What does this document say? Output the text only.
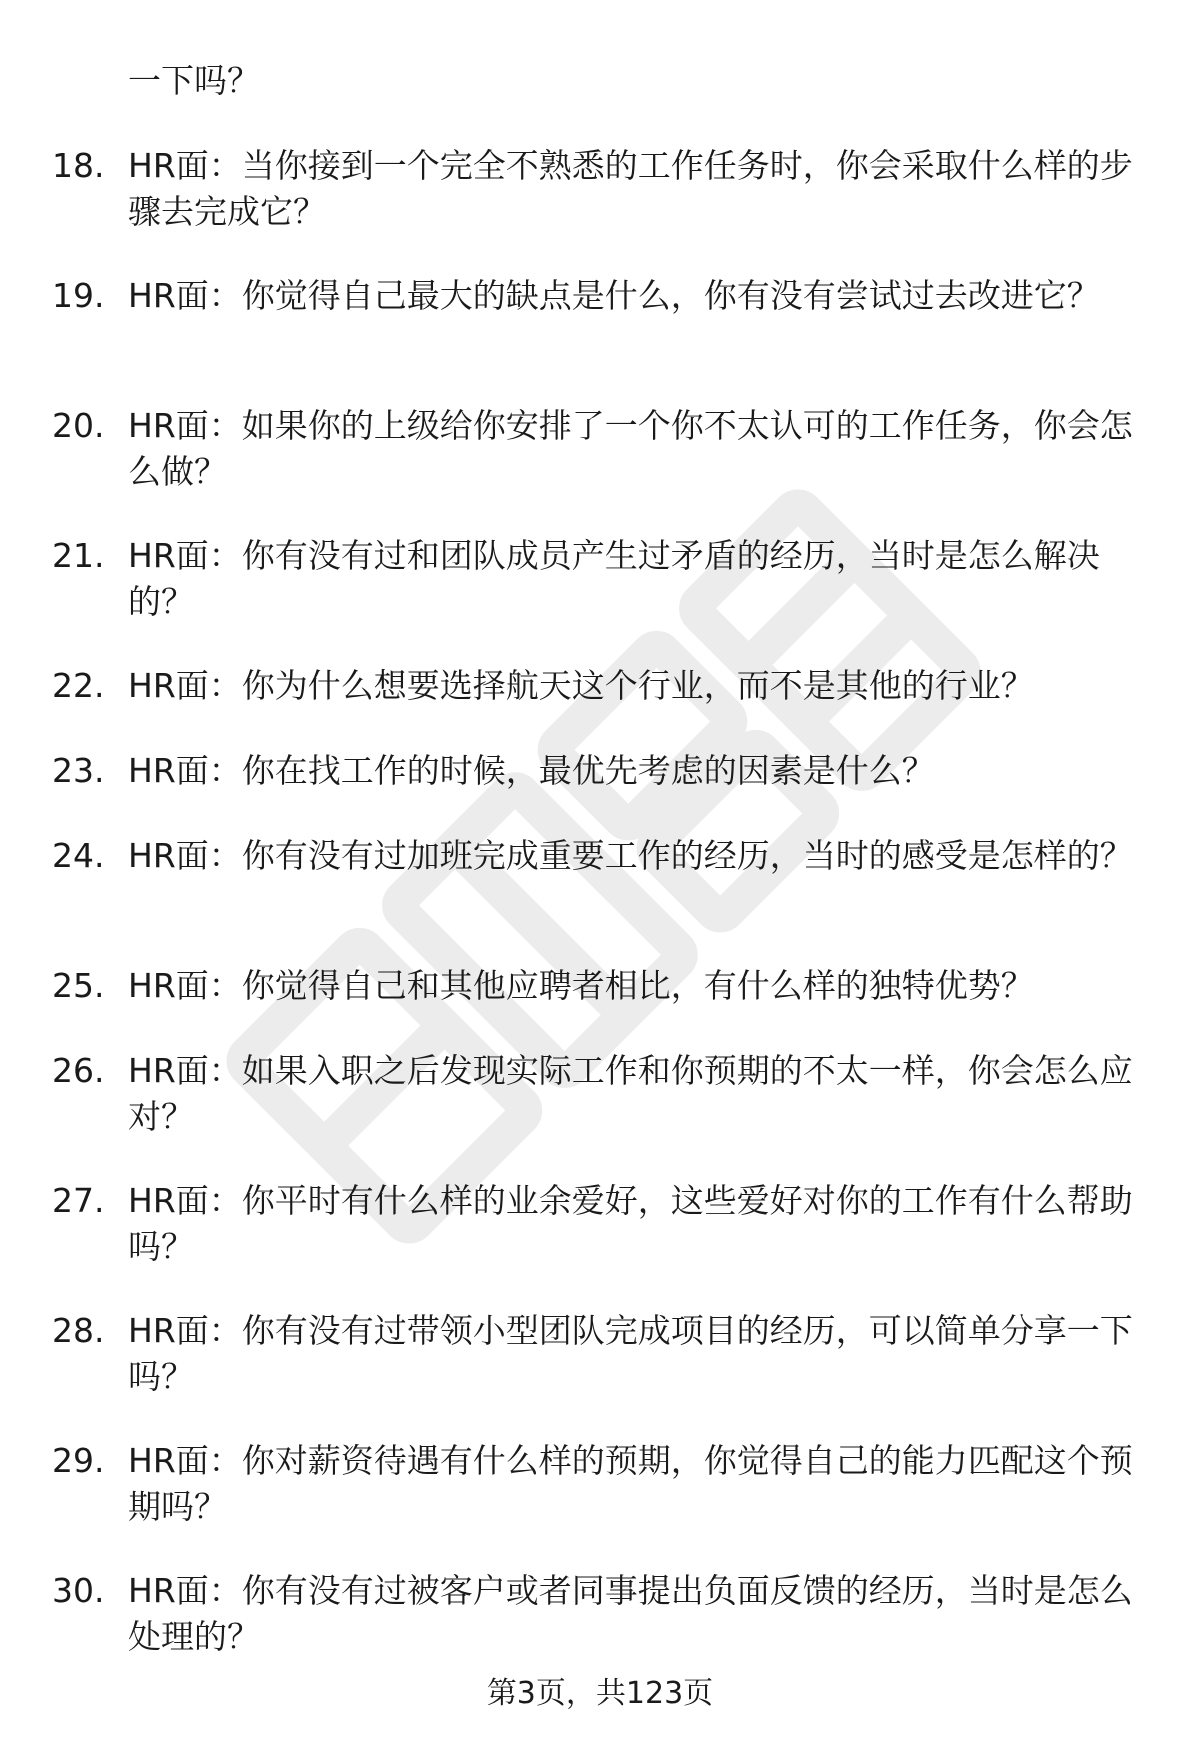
一下吗？

18. HR面：当你接到一个完全不熟悉的工作任务时，你会采取什么样的步骤去完成它？
19. HR面：你觉得自己最大的缺点是什么，你有没有尝试过去改进它？
20. HR面：如果你的上级给你安排了一个你不太认可的工作任务，你会怎么做？
21. HR面：你有没有过和团队成员产生过矛盾的经历，当时是怎么解决的？
22. HR面：你为什么想要选择航天这个行业，而不是其他的行业？
23. HR面：你在找工作的时候，最优先考虑的因素是什么？
24. HR面：你有没有过加班完成重要工作的经历，当时的感受是怎样的？
25. HR面：你觉得自己和其他应聘者相比，有什么样的独特优势？
26. HR面：如果入职之后发现实际工作和你预期的不太一样，你会怎么应对？
27. HR面：你平时有什么样的业余爱好，这些爱好对你的工作有什么帮助吗？
28. HR面：你有没有过带领小型团队完成项目的经历，可以简单分享一下吗？
29. HR面：你对薪资待遇有什么样的预期，你觉得自己的能力匹配这个预期吗？
30. HR面：你有没有过被客户或者同事提出负面反馈的经历，当时是怎么处理的？
第3页，共123页
